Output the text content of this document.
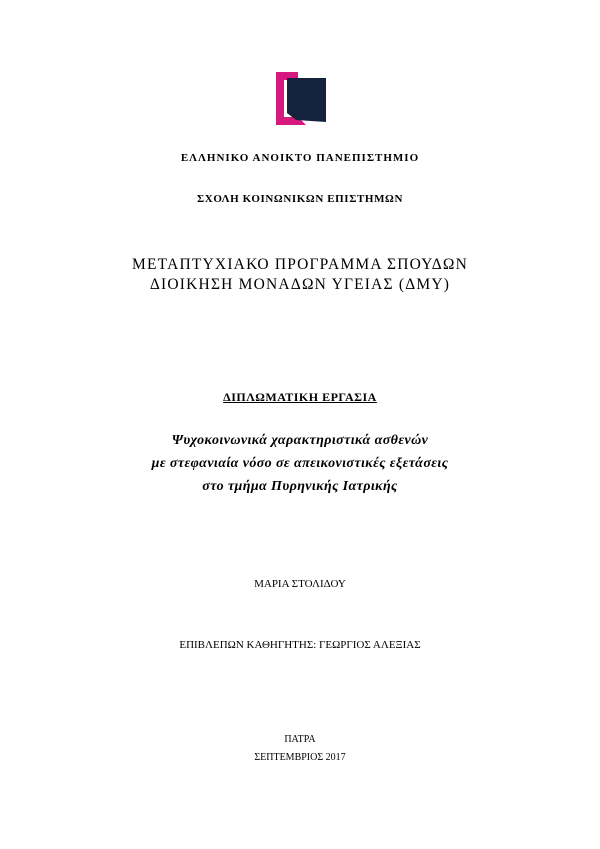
ΕΛΛΗΝΙΚΟ ΑΝΟΙΚΤΟ ΠΑΝΕΠΙΣΤΗΜΙΟ
ΣΧΟΛΗ ΚΟΙΝΩΝΙΚΩΝ ΕΠΙΣΤΗΜΩΝ
ΜΕΤΑΠΤΥΧΙΑΚΟ ΠΡΟΓΡΑΜΜΑ ΣΠΟΥΔΩΝ
ΔΙΟΙΚΗΣΗ ΜΟΝΑΔΩΝ ΥΓΕΙΑΣ (ΔΜΥ)
ΔΙΠΛΩΜΑΤΙΚΗ ΕΡΓΑΣΙΑ
Ψυχοκοινωνικά χαρακτηριστικά ασθενών
με στεφανιαία νόσο σε απεικονιστικές εξετάσεις
στο τμήμα Πυρηνικής Ιατρικής
ΜΑΡΙΑ ΣΤΟΛΙΔΟΥ
ΕΠΙΒΛΕΠΩΝ ΚΑΘΗΓΗΤΗΣ: ΓΕΩΡΓΙΟΣ ΑΛΕΞΙΑΣ
ΠΑΤΡΑ
ΣΕΠΤΕΜΒΡΙΟΣ 2017
